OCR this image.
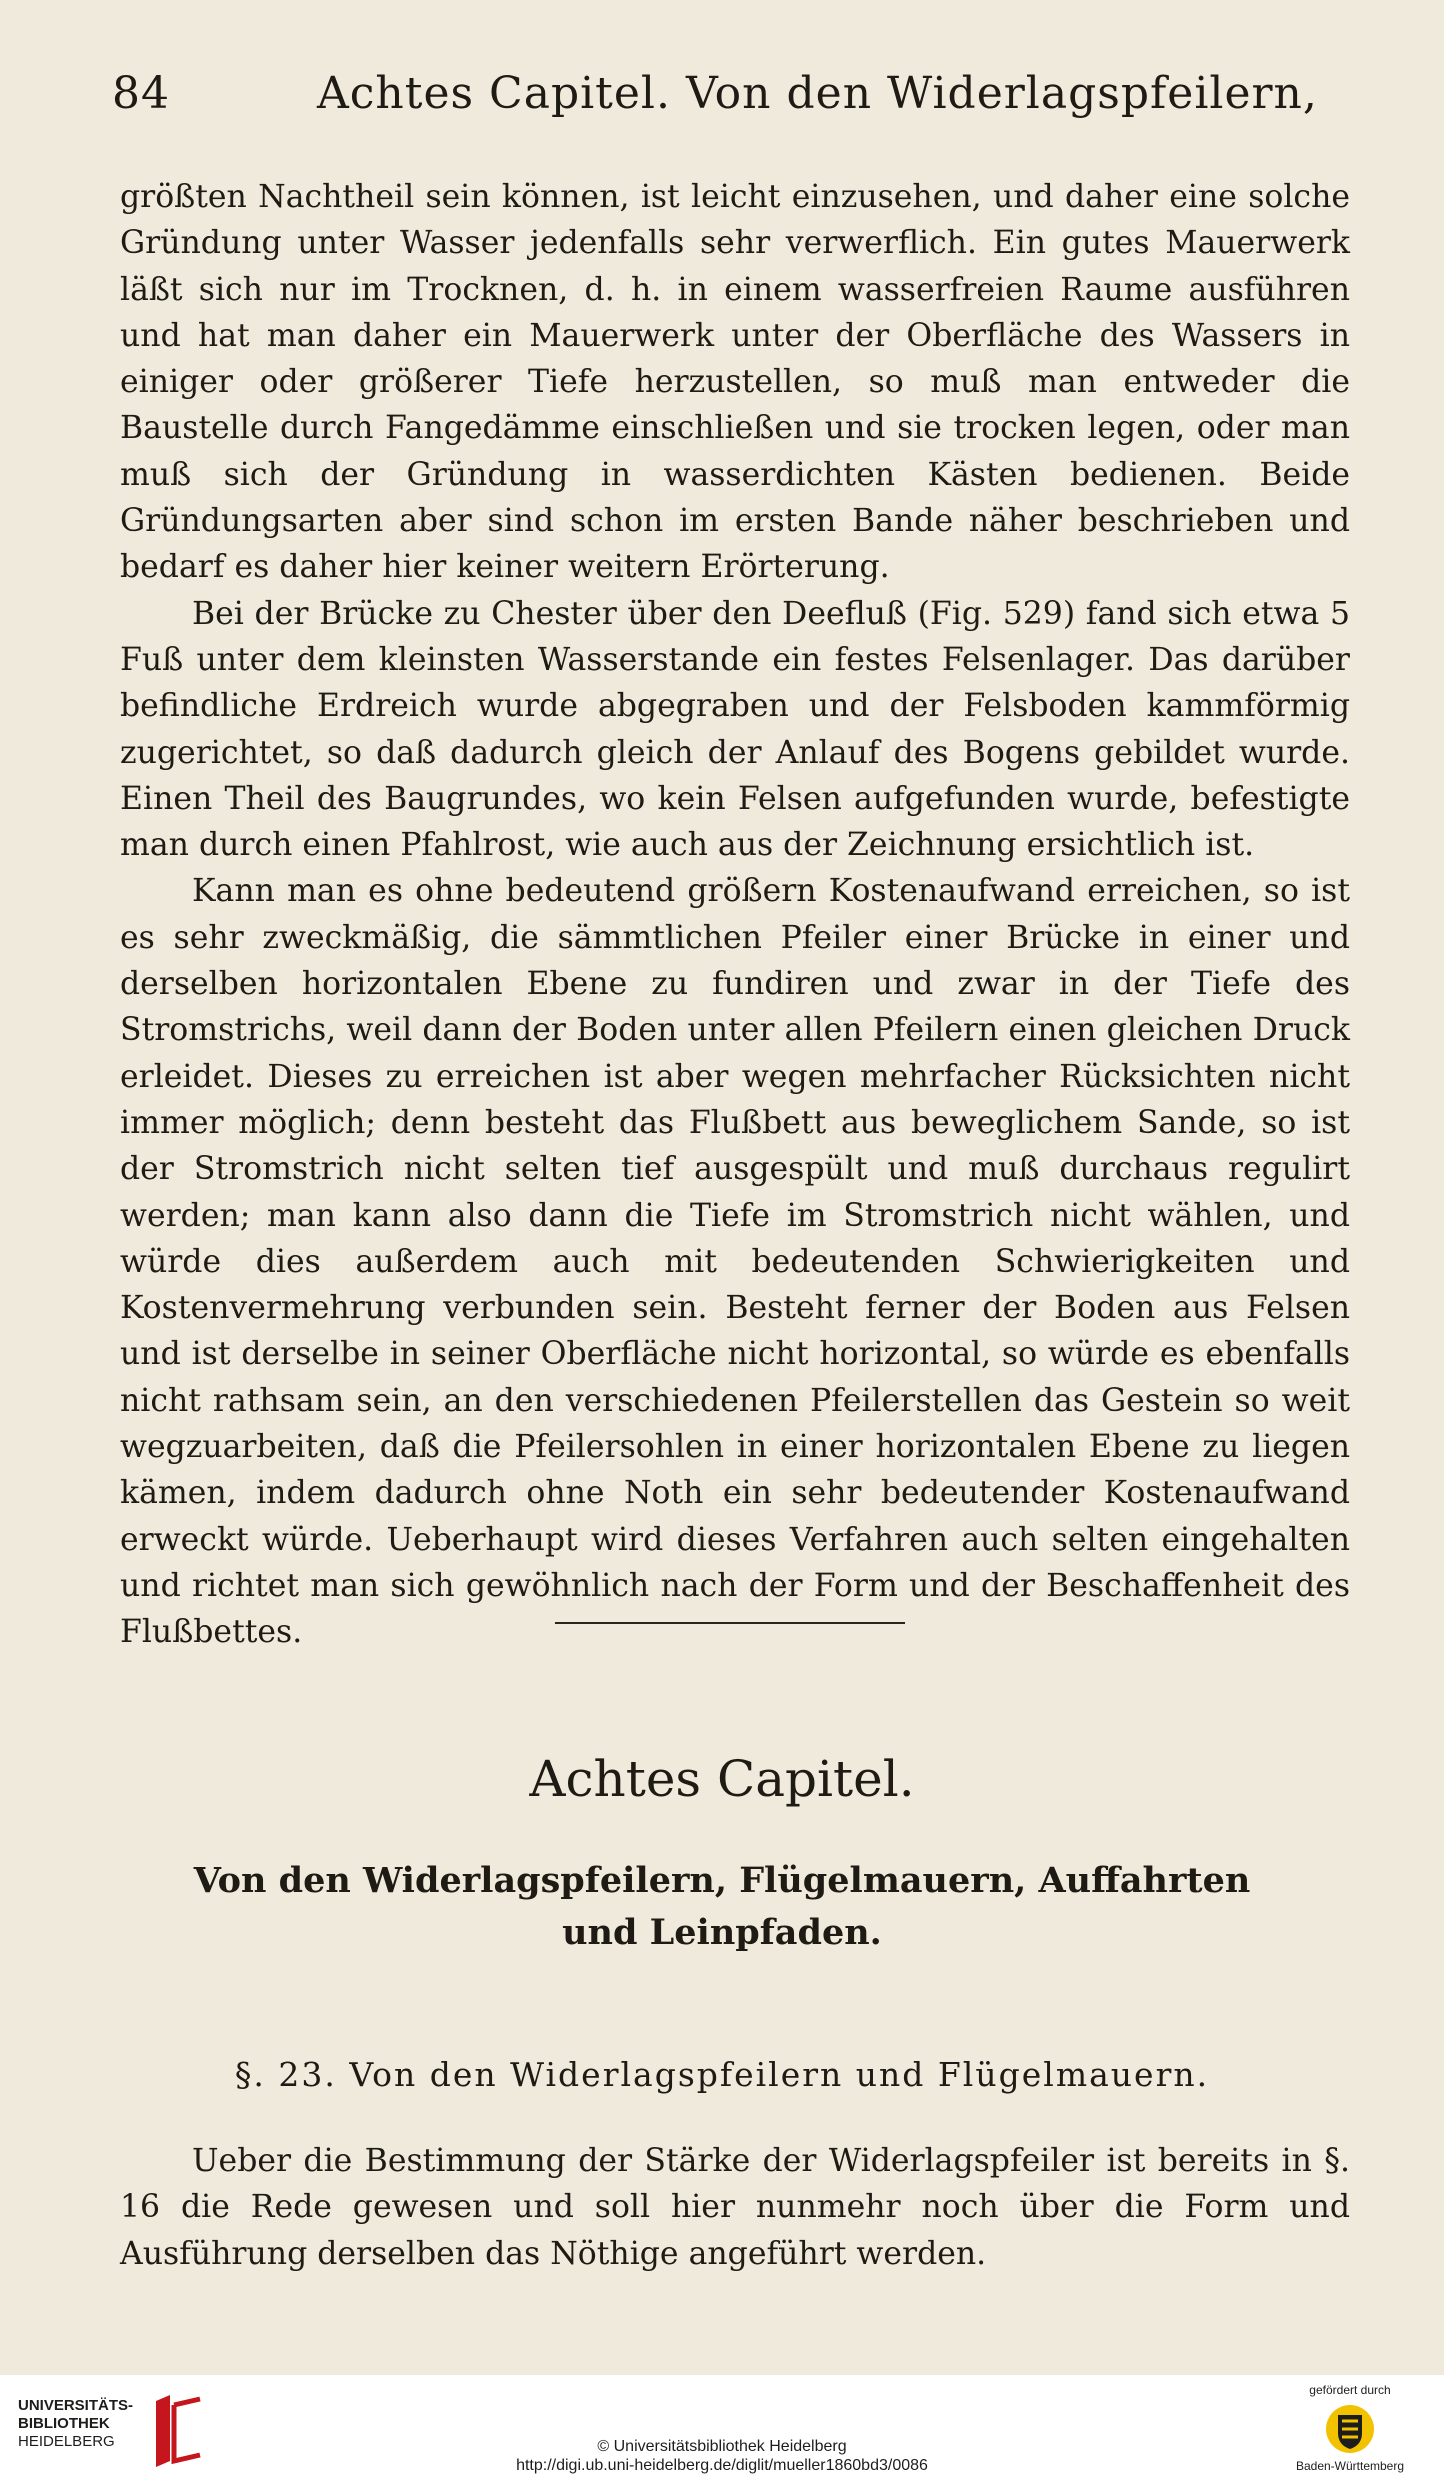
84	Achtes Capitel. Von den Widerlagspfeilern,

größten Nachtheil sein können, ist leicht einzusehen, und daher eine solche Gründung unter Wasser jedenfalls sehr verwerflich. Ein gutes Mauerwerk läßt sich nur im Trocknen, d. h. in einem wasserfreien Raume ausführen und hat man daher ein Mauerwerk unter der Oberfläche des Wassers in einiger oder größerer Tiefe herzustellen, so muß man entweder die Baustelle durch Fangedämme einschließen und sie trocken legen, oder man muß sich der Gründung in wasserdichten Kästen bedienen. Beide Gründungsarten aber sind schon im ersten Bande näher beschrieben und bedarf es daher hier keiner weitern Erörterung.

Bei der Brücke zu Chester über den Deefluß (Fig. 529) fand sich etwa 5 Fuß unter dem kleinsten Wasserstande ein festes Felsenlager. Das darüber befindliche Erdreich wurde abgegraben und der Felsboden kammförmig zugerichtet, so daß dadurch gleich der Anlauf des Bogens gebildet wurde. Einen Theil des Baugrundes, wo kein Felsen aufgefunden wurde, befestigte man durch einen Pfahlrost, wie auch aus der Zeichnung ersichtlich ist.

Kann man es ohne bedeutend größern Kostenaufwand erreichen, so ist es sehr zweckmäßig, die sämmtlichen Pfeiler einer Brücke in einer und derselben horizontalen Ebene zu fundiren und zwar in der Tiefe des Stromstrichs, weil dann der Boden unter allen Pfeilern einen gleichen Druck erleidet. Dieses zu erreichen ist aber wegen mehrfacher Rücksichten nicht immer möglich; denn besteht das Flußbett aus beweglichem Sande, so ist der Stromstrich nicht selten tief ausgespült und muß durchaus regulirt werden; man kann also dann die Tiefe im Stromstrich nicht wählen, und würde dies außerdem auch mit bedeutenden Schwierigkeiten und Kostenvermehrung verbunden sein. Besteht ferner der Boden aus Felsen und ist derselbe in seiner Oberfläche nicht horizontal, so würde es ebenfalls nicht rathsam sein, an den verschiedenen Pfeilerstellen das Gestein so weit wegzuarbeiten, daß die Pfeilersohlen in einer horizontalen Ebene zu liegen kämen, indem dadurch ohne Noth ein sehr bedeutender Kostenaufwand erweckt würde. Ueberhaupt wird dieses Verfahren auch selten eingehalten und richtet man sich gewöhnlich nach der Form und der Beschaffenheit des Flußbettes.

Achtes Capitel.
Von den Widerlagspfeilern, Flügelmauern, Auffahrten
und Leinpfaden.
§. 23. Von den Widerlagspfeilern und Flügelmauern.

Ueber die Bestimmung der Stärke der Widerlagspfeiler ist bereits in §. 16 die Rede gewesen und soll hier nunmehr noch über die Form und Ausführung derselben das Nöthige angeführt werden.

UNIVERSITÄTS-
BIBLIOTHEK
HEIDELBERG	© Universitätsbibliothek Heidelberg
http://digi.ub.uni-heidelberg.de/diglit/mueller1860bd3/0086
gefördert durch
Baden-Württemberg
